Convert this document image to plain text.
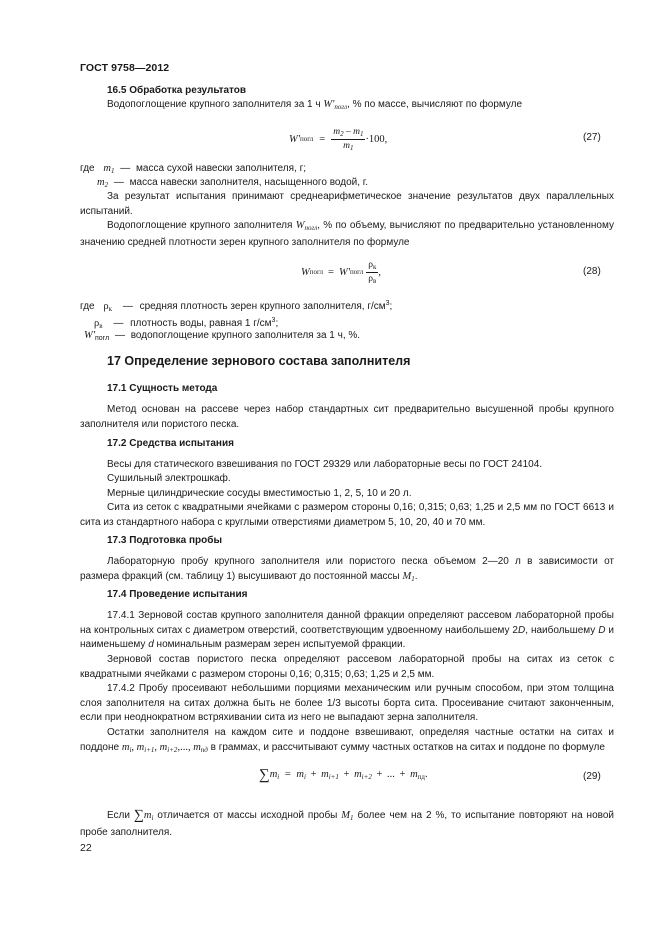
ГОСТ 9758—2012
16.5 Обработка результатов
Водопоглощение крупного заполнителя за 1 ч $W'_{погл}$, % по массе, вычисляют по формуле
W' погл = $\frac{m_2 - m_1}{m_1} \cdot 100$,	(27)
где $m_1$ — масса сухой навески заполнителя, г;
$m_2$ — масса навески заполнителя, насыщенного водой, г.
За результат испытания принимают среднеарифметическое значение результатов двух параллельных испытаний.
Водопоглощение крупного заполнителя $W_{погл}$, % по объему, вычисляют по предварительно установленному значению средней плотности зерен крупного заполнителя по формуле
W погл = W' погл $\frac{\rho_к}{\rho_в}$ ,	(28)
где $\rho_к$ — средняя плотность зерен крупного заполнителя, $г/см^3$;
$\rho_в$ — плотность воды, равная 1 $г/см^3$;
$W'_{погл}$ — водопоглощение крупного заполнителя за 1 ч, %.
17 Определение зернового состава заполнителя
17.1 Сущность метода
Метод основан на рассеве через набор стандартных сит предварительно высушенной пробы крупного заполнителя или пористого песка.
17.2 Средства испытания
Весы для статического взвешивания по ГОСТ 29329 или лабораторные весы по ГОСТ 24104.
Сушильный электрошкаф.
Мерные цилиндрические сосуды вместимостью 1, 2, 5, 10 и 20 л.
Сита из сеток с квадратными ячейками с размером стороны 0,16; 0,315; 0,63; 1,25 и 2,5 мм по ГОСТ 6613 и сита из стандартного набора с круглыми отверстиями диаметром 5, 10, 20, 40 и 70 мм.
17.3 Подготовка пробы
Лабораторную пробу крупного заполнителя или пористого песка объемом 2—20 л в зависимости от размера фракций (см. таблицу 1) высушивают до постоянной массы $M_1$.
17.4 Проведение испытания
17.4.1 Зерновой состав крупного заполнителя данной фракции определяют рассевом лабораторной пробы на контрольных ситах с диаметром отверстий, соответствующим удвоенному наибольшему 2D, наибольшему D и наименьшему d номинальным размерам зерен испытуемой фракции.
Зерновой состав пористого песка определяют рассевом лабораторной пробы на ситах из сеток с квадратными ячейками с размером стороны 0,16; 0,315; 0,63; 1,25 и 2,5 мм.
17.4.2 Пробу просеивают небольшими порциями механическим или ручным способом, при этом толщина слоя заполнителя на ситах должна быть не более 1/3 высоты борта сита. Просеивание считают законченным, если при неоднократном встряхивании сита из него не выпадают зерна заполнителя.
Остатки заполнителя на каждом сите и поддоне взвешивают, определяя частные остатки на ситах и поддоне $m_i$, $m_{i+1}$, $m_{i+2}$,..., $m_{пд}$ в граммах, и рассчитывают сумму частных остатков на ситах и поддоне по формуле
$\sum m_i = m_i + m_{i+1} + m_{i+2}$ + ... + $m_{пд}$.	(29)
Если $\sum m_i$ отличается от массы исходной пробы $M_1$ более чем на 2 %, то испытание повторяют на новой пробе заполнителя.
22
